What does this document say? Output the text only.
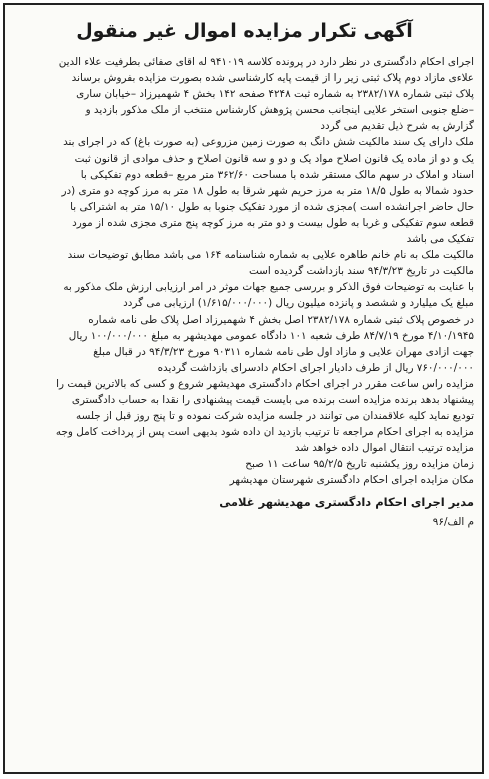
آگهی تکرار مزایده اموال غیر منقول
اجرای احکام دادگستری در نظر دارد در پرونده کلاسه ۹۴۱۰۱۹ له اقای صفائی بطرفیت علاء الدین
علاءی مازاد دوم پلاک ثبتی زیر را از قیمت پایه کارشناسی شده بصورت مزایده بفروش برساند
پلاک ثبتی شماره ۲۳۸۲/۱۷۸ به شماره ثبت ۴۲۴۸ صفحه ۱۴۲ بخش ۴ شهمیرزاد –خیابان ساری
–ضلع جنوبی استخر علایی اینجانب محسن پژوهش کارشناس منتخب از ملک مذکور بازدید و
گزارش به شرح ذیل تقدیم می گردد
ملک دارای یک سند مالکیت شش دانگ به صورت زمین مزروعی (به صورت باغ) که در اجرای بند
یک و دو از ماده یک قانون اصلاح مواد یک و دو و سه قانون اصلاح و حذف موادی از قانون ثبت
اسناد و املاک در سهم مالک مستقر شده با مساحت ۳۶۲/۶۰ متر مربع –قطعه دوم تفکیکی با
حدود شمالا به طول ۱۸/۵ متر به مرز حریم شهر شرقا به طول ۱۸ متر به مرز کوچه دو متری (در
حال حاضر اجرانشده است )مجزی شده از مورد تفکیک جنوبا به طول ۱۵/۱۰ متر به اشتراکی با
قطعه سوم تفکیکی و غربا به طول بیست و دو متر به مرز کوچه پنج متری مجزی شده از مورد
تفکیک می باشد
مالکیت ملک به نام خانم طاهره علایی به شماره شناسنامه ۱۶۴ می باشد مطابق توضیحات سند
مالکیت در تاریخ ۹۴/۳/۲۳ سند بازداشت گردیده است
با عنایت به توضیحات فوق الذکر و بررسی جمیع جهات موثر در امر ارزیابی ارزش ملک مذکور به
مبلغ یک میلیارد و ششصد و پانزده میلیون ریال (۱/۶۱۵/۰۰۰/۰۰۰) ارزیابی می گردد
در خصوص پلاک ثبتی شماره ۲۳۸۲/۱۷۸ اصل بخش ۴ شهمیرزاد اصل پلاک طی نامه شماره
۴/۱۰/۱۹۴۵ مورخ ۸۴/۷/۱۹ طرف شعبه ۱۰۱ دادگاه عمومی مهدیشهر به مبلغ ۱۰۰/۰۰۰/۰۰۰ ریال
جهت ازادی مهران علایی و مازاد اول طی نامه شماره ۹۰۳۱۱ مورخ ۹۴/۳/۲۳ در قبال مبلغ
۷۶۰/۰۰۰/۰۰۰ ریال از طرف دادیار اجرای احکام دادسرای بازداشت گردیده
مزایده راس ساعت مقرر در اجرای احکام دادگستری مهدیشهر شروع و کسی که بالاترین قیمت را
پیشنهاد بدهد برنده مزایده است برنده می بایست قیمت پیشنهادی را نقدا به حساب دادگستری
تودیع نماید کلیه علاقمندان می توانند در جلسه مزایده شرکت نموده و تا پنج روز قبل از جلسه
مزایده به اجرای احکام مراجعه تا ترتیب بازدید ان داده شود بدیهی است پس از پرداخت کامل وجه
مزایده ترتیب انتقال اموال داده خواهد شد
زمان مزایده روز یکشنبه تاریخ ۹۵/۲/۵ ساعت ۱۱ صبح
مکان مزایده اجرای احکام دادگستری شهرستان مهدیشهر
مدیر اجرای احکام دادگستری مهدیشهر غلامی
م الف/۹۶
